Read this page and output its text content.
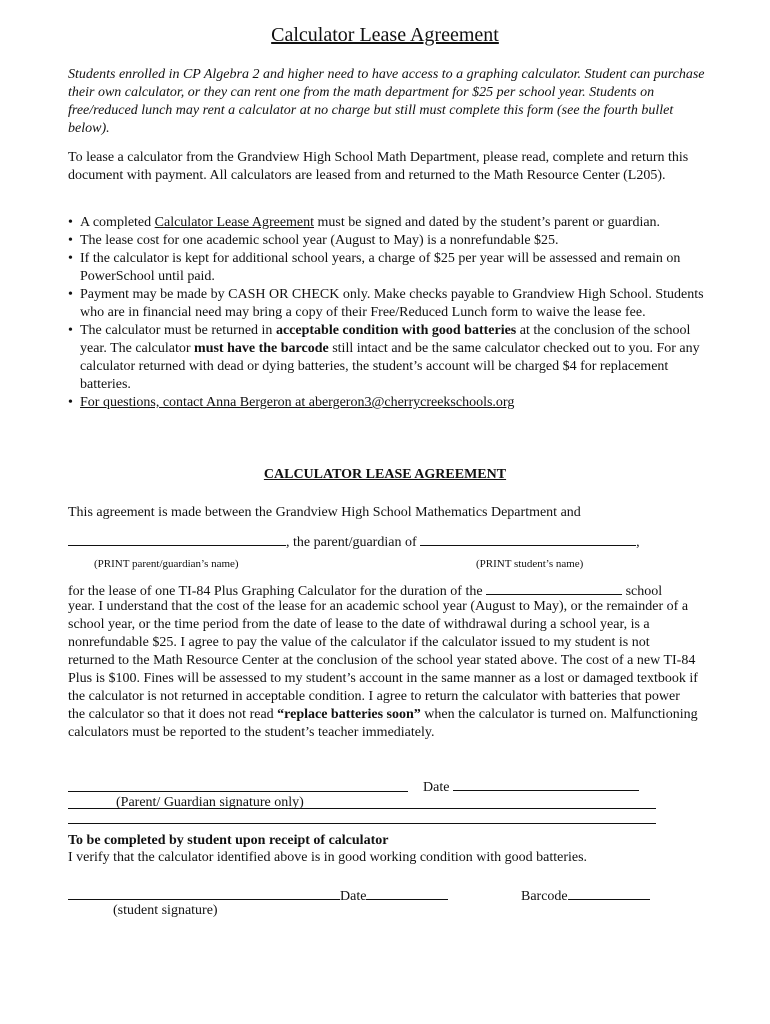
Calculator Lease Agreement

Students enrolled in CP Algebra 2 and higher need to have access to a graphing calculator. Student can purchase their own calculator, or they can rent one from the math department for $25 per school year. Students on free/reduced lunch may rent a calculator at no charge but still must complete this form (see the fourth bullet below).

To lease a calculator from the Grandview High School Math Department, please read, complete and return this document with payment. All calculators are leased from and returned to the Math Resource Center (L205).

• A completed Calculator Lease Agreement must be signed and dated by the student’s parent or guardian.
• The lease cost for one academic school year (August to May) is a nonrefundable $25.
• If the calculator is kept for additional school years, a charge of $25 per year will be assessed and remain on PowerSchool until paid.
• Payment may be made by CASH OR CHECK only. Make checks payable to Grandview High School. Students who are in financial need may bring a copy of their Free/Reduced Lunch form to waive the lease fee.
• The calculator must be returned in acceptable condition with good batteries at the conclusion of the school year. The calculator must have the barcode still intact and be the same calculator checked out to you. For any calculator returned with dead or dying batteries, the student’s account will be charged $4 for replacement batteries.
• For questions, contact Anna Bergeron at abergeron3@cherrycreekschools.org
CALCULATOR LEASE AGREEMENT

This agreement is made between the Grandview High School Mathematics Department and

, the parent/guardian of	,
(PRINT parent/guardian’s name)	(PRINT student’s name)
for the lease of one TI-84 Plus Graphing Calculator for the duration of the	school

year. I understand that the cost of the lease for an academic school year (August to May), or the remainder of a school year, or the time period from the date of lease to the date of withdrawal during a school year, is a nonrefundable $25. I agree to pay the value of the calculator if the calculator issued to my student is not returned to the Math Resource Center at the conclusion of the school year stated above. The cost of a new TI-84 Plus is $100. Fines will be assessed to my student’s account in the same manner as a lost or damaged textbook if the calculator is not returned in acceptable condition. I agree to return the calculator with batteries that power the calculator so that it does not read “replace batteries soon” when the calculator is turned on. Malfunctioning calculators must be reported to the student’s teacher immediately.

Date
(Parent/ Guardian signature only)
To be completed by student upon receipt of calculator
I verify that the calculator identified above is in good working condition with good batteries.
Date	Barcode
(student signature)
